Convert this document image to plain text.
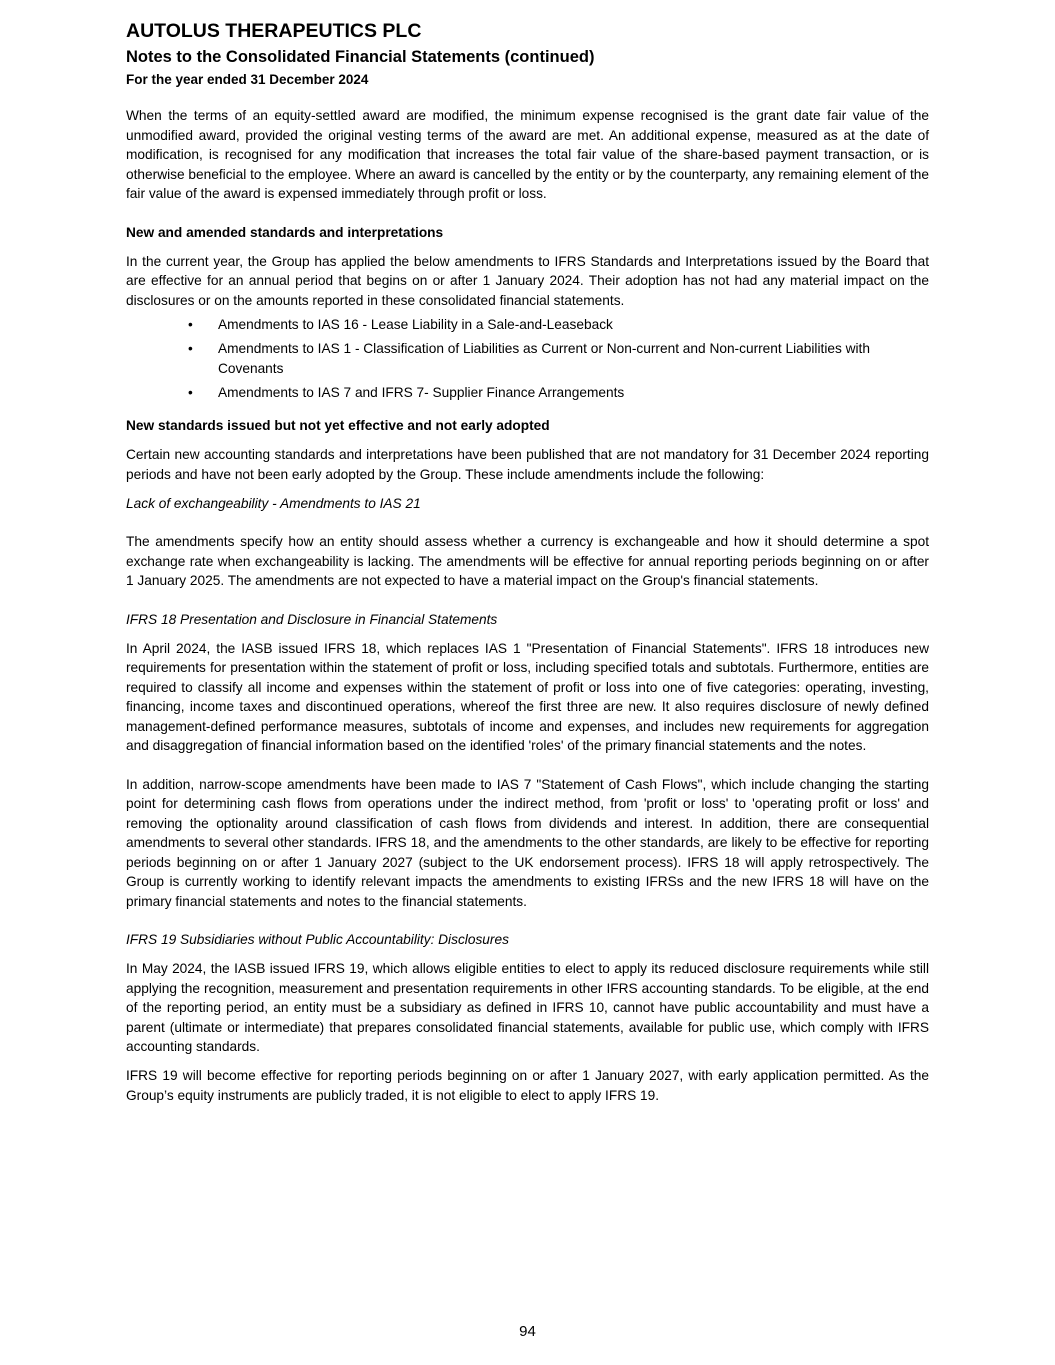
AUTOLUS THERAPEUTICS PLC
Notes to the Consolidated Financial Statements (continued)
For the year ended 31 December 2024

When the terms of an equity-settled award are modified, the minimum expense recognised is the grant date fair value of the unmodified award, provided the original vesting terms of the award are met. An additional expense, measured as at the date of modification, is recognised for any modification that increases the total fair value of the share-based payment transaction, or is otherwise beneficial to the employee. Where an award is cancelled by the entity or by the counterparty, any remaining element of the fair value of the award is expensed immediately through profit or loss.

New and amended standards and interpretations

In the current year, the Group has applied the below amendments to IFRS Standards and Interpretations issued by the Board that are effective for an annual period that begins on or after 1 January 2024. Their adoption has not had any material impact on the disclosures or on the amounts reported in these consolidated financial statements.

• Amendments to IAS 16 - Lease Liability in a Sale-and-Leaseback
• Amendments to IAS 1 - Classification of Liabilities as Current or Non-current and Non-current Liabilities with Covenants
• Amendments to IAS 7 and IFRS 7- Supplier Finance Arrangements
New standards issued but not yet effective and not early adopted

Certain new accounting standards and interpretations have been published that are not mandatory for 31 December 2024 reporting periods and have not been early adopted by the Group. These include amendments include the following:

Lack of exchangeability - Amendments to IAS 21

The amendments specify how an entity should assess whether a currency is exchangeable and how it should determine a spot exchange rate when exchangeability is lacking. The amendments will be effective for annual reporting periods beginning on or after 1 January 2025. The amendments are not expected to have a material impact on the Group's financial statements.

IFRS 18 Presentation and Disclosure in Financial Statements

In April 2024, the IASB issued IFRS 18, which replaces IAS 1 "Presentation of Financial Statements". IFRS 18 introduces new requirements for presentation within the statement of profit or loss, including specified totals and subtotals. Furthermore, entities are required to classify all income and expenses within the statement of profit or loss into one of five categories: operating, investing, financing, income taxes and discontinued operations, whereof the first three are new. It also requires disclosure of newly defined management-defined performance measures, subtotals of income and expenses, and includes new requirements for aggregation and disaggregation of financial information based on the identified 'roles' of the primary financial statements and the notes.

In addition, narrow-scope amendments have been made to IAS 7 "Statement of Cash Flows", which include changing the starting point for determining cash flows from operations under the indirect method, from 'profit or loss' to 'operating profit or loss' and removing the optionality around classification of cash flows from dividends and interest. In addition, there are consequential amendments to several other standards. IFRS 18, and the amendments to the other standards, are likely to be effective for reporting periods beginning on or after 1 January 2027 (subject to the UK endorsement process). IFRS 18 will apply retrospectively. The Group is currently working to identify relevant impacts the amendments to existing IFRSs and the new IFRS 18 will have on the primary financial statements and notes to the financial statements.

IFRS 19 Subsidiaries without Public Accountability: Disclosures

In May 2024, the IASB issued IFRS 19, which allows eligible entities to elect to apply its reduced disclosure requirements while still applying the recognition, measurement and presentation requirements in other IFRS accounting standards. To be eligible, at the end of the reporting period, an entity must be a subsidiary as defined in IFRS 10, cannot have public accountability and must have a parent (ultimate or intermediate) that prepares consolidated financial statements, available for public use, which comply with IFRS accounting standards.

IFRS 19 will become effective for reporting periods beginning on or after 1 January 2027, with early application permitted. As the Group’s equity instruments are publicly traded, it is not eligible to elect to apply IFRS 19.

94
